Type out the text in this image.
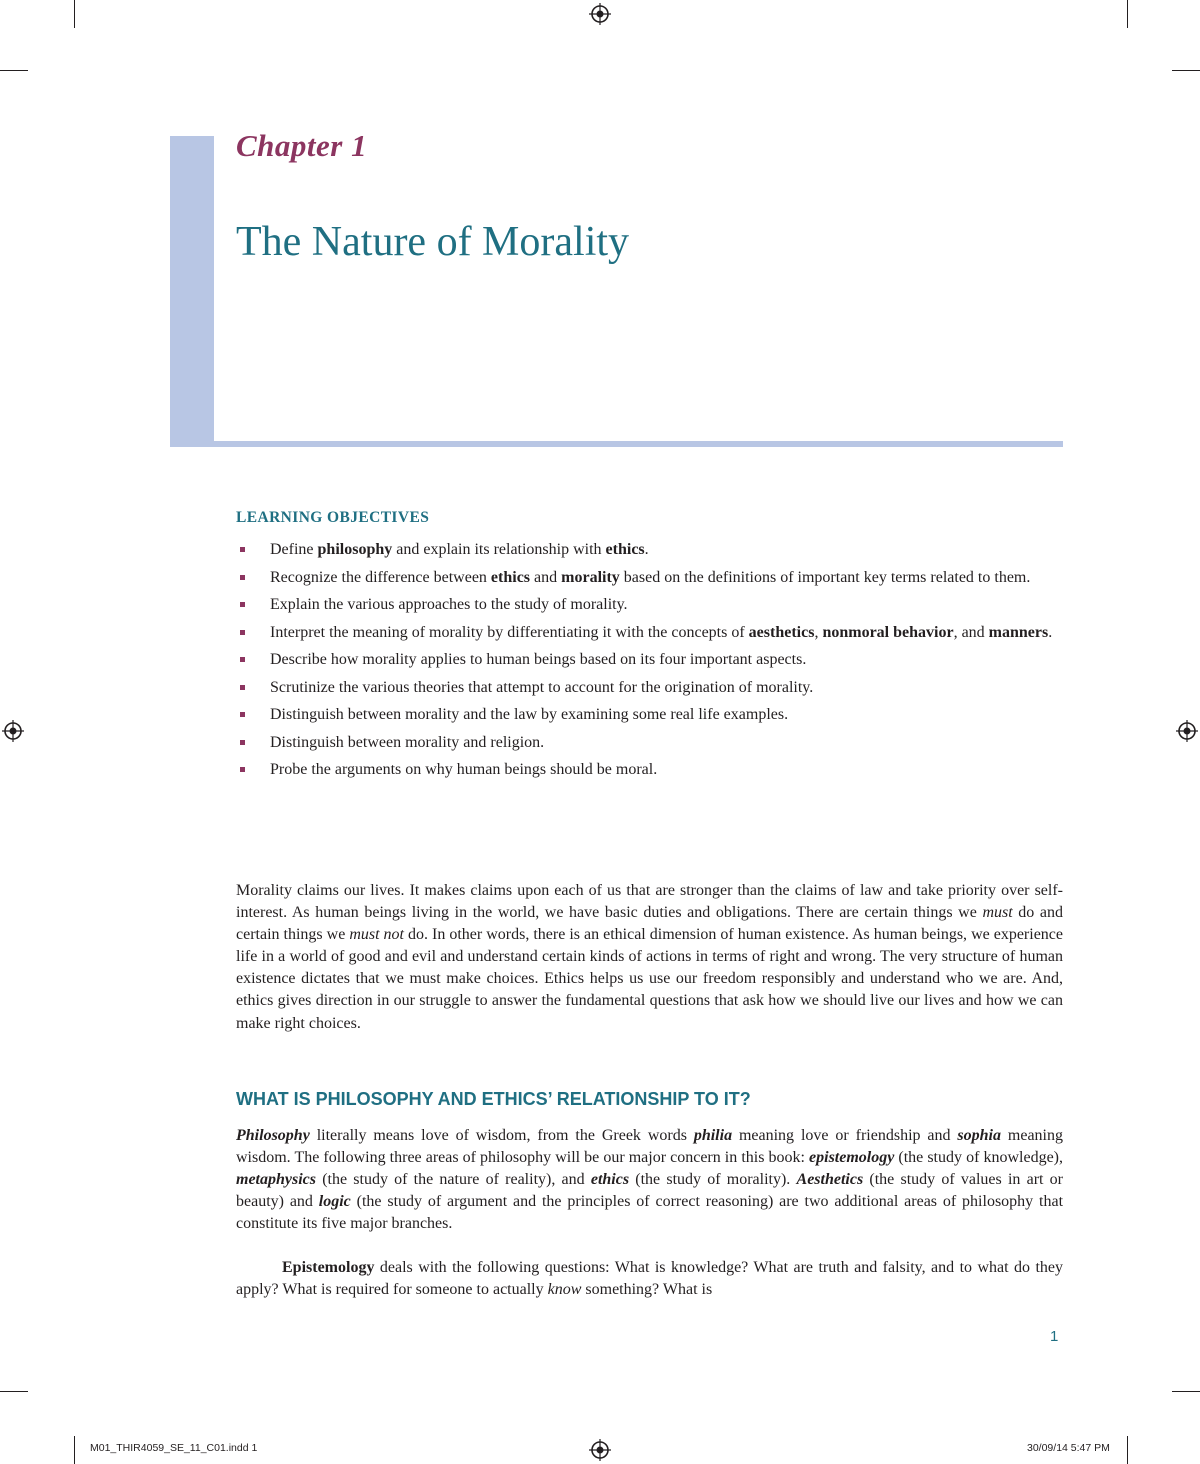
Chapter 1
The Nature of Morality
LEARNING OBJECTIVES
Define philosophy and explain its relationship with ethics.
Recognize the difference between ethics and morality based on the definitions of important key terms related to them.
Explain the various approaches to the study of morality.
Interpret the meaning of morality by differentiating it with the concepts of aesthetics, nonmoral behavior, and manners.
Describe how morality applies to human beings based on its four important aspects.
Scrutinize the various theories that attempt to account for the origination of morality.
Distinguish between morality and the law by examining some real life examples.
Distinguish between morality and religion.
Probe the arguments on why human beings should be moral.

Morality claims our lives. It makes claims upon each of us that are stronger than the claims of law and take priority over self-interest. As human beings living in the world, we have basic duties and obligations. There are certain things we must do and certain things we must not do. In other words, there is an ethical dimension of human existence. As human beings, we experience life in a world of good and evil and understand certain kinds of actions in terms of right and wrong. The very structure of human existence dictates that we must make choices. Ethics helps us use our freedom responsibly and understand who we are. And, ethics gives direction in our struggle to answer the fundamental questions that ask how we should live our lives and how we can make right choices.

WHAT IS PHILOSOPHY AND ETHICS’ RELATIONSHIP TO IT?

Philosophy literally means love of wisdom, from the Greek words philia meaning love or friendship and sophia meaning wisdom. The following three areas of philosophy will be our major concern in this book: epistemology (the study of knowledge), metaphysics (the study of the nature of reality), and ethics (the study of morality). Aesthetics (the study of values in art or beauty) and logic (the study of argument and the principles of correct reasoning) are two additional areas of philosophy that constitute its five major branches.

Epistemology deals with the following questions: What is knowledge? What are truth and falsity, and to what do they apply? What is required for someone to actually know something? What is

1
M01_THIR4059_SE_11_C01.indd 1	30/09/14 5:47 PM
